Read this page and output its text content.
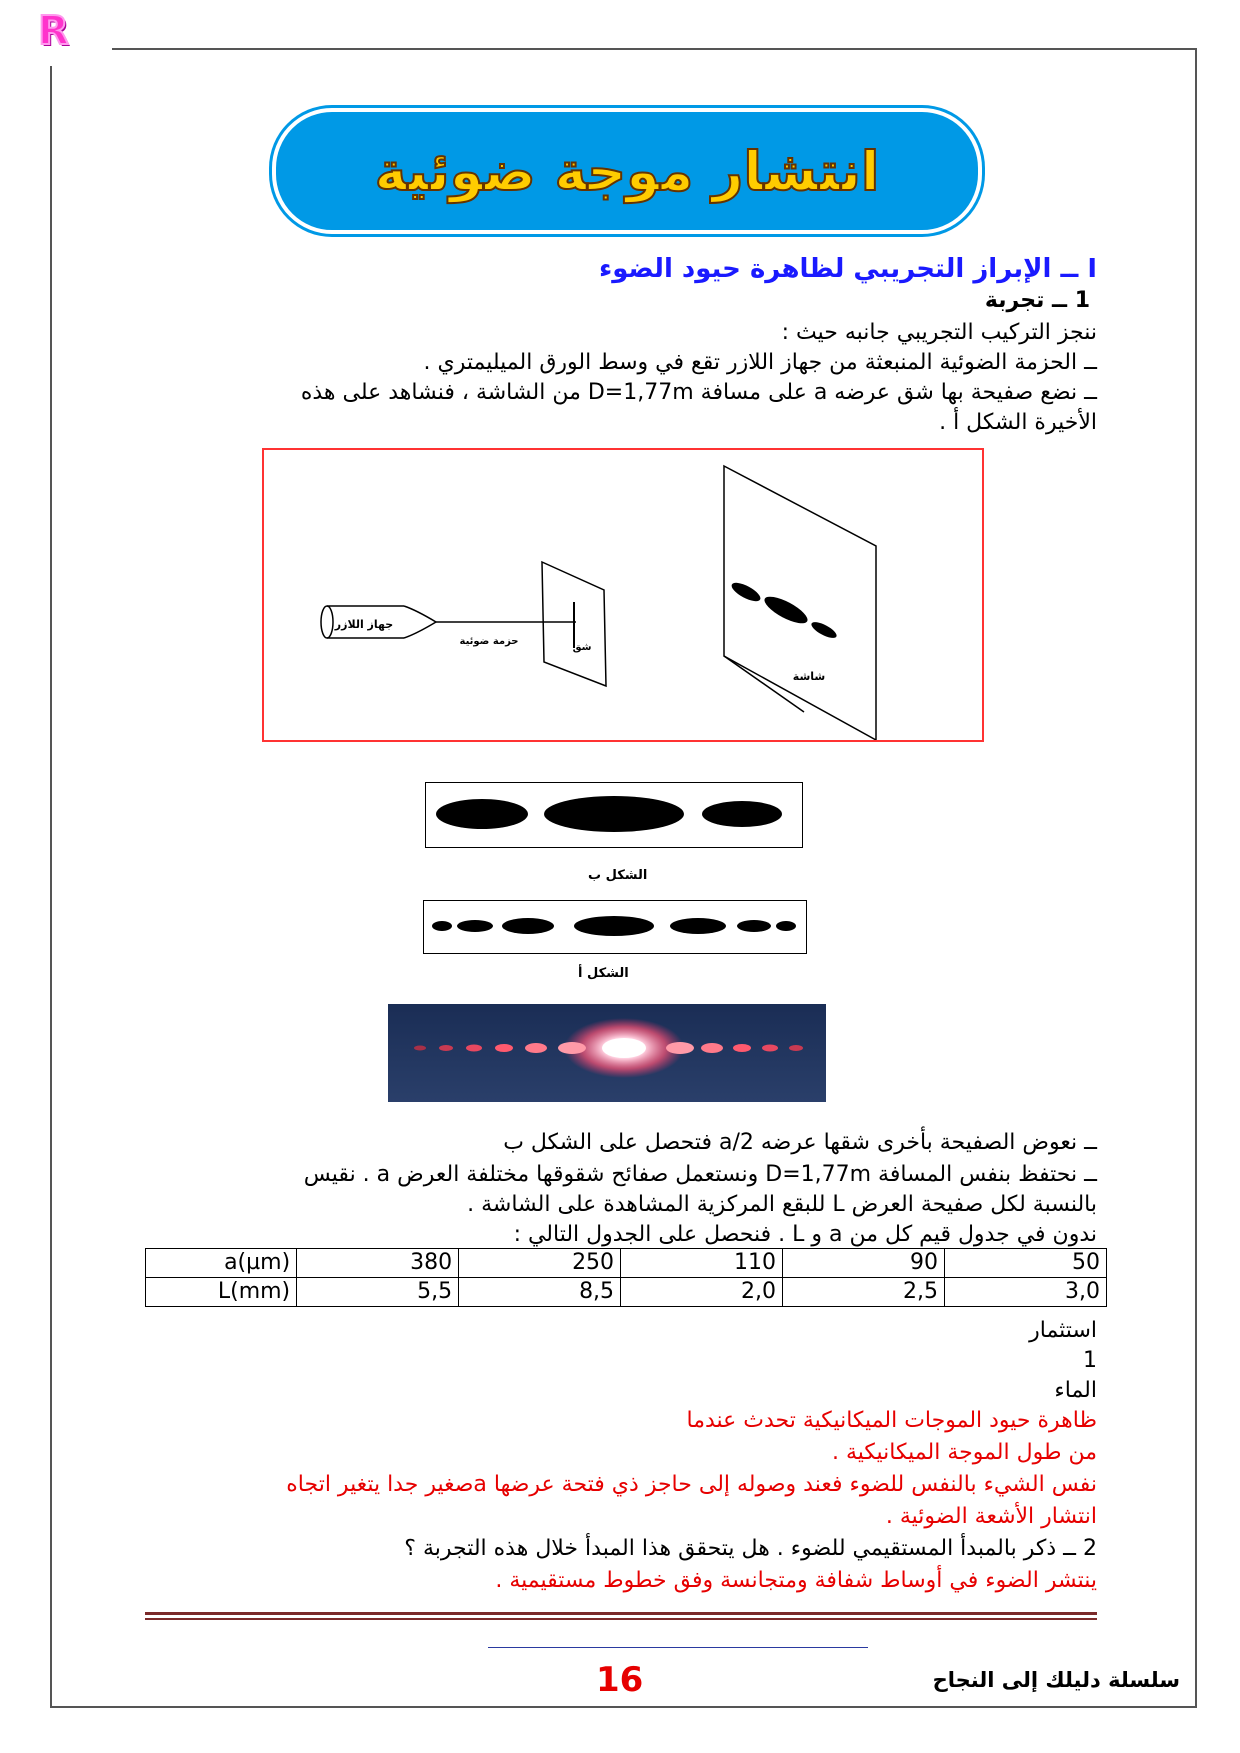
R
انتشار موجة ضوئية
I ــ الإبراز التجريبي لظاهرة حيود الضوء
1 ــ تجربة
ننجز التركيب التجريبي جانبه حيث :
ــ الحزمة الضوئية المنبعثة من جهاز اللازر تقع في وسط الورق الميليمتري .
ــ نضع صفيحة بها شق عرضه a على مسافة D=1,77m من الشاشة ، فنشاهد على هذه
الأخيرة الشكل أ .
جهاز اللازر
حزمة ضوئية
شق
شاشة
الشكل ب
الشكل أ
ــ نعوض الصفيحة بأخرى شقها عرضه a/2 فتحصل على الشكل ب
ــ نحتفظ بنفس المسافة D=1,77m ونستعمل صفائح شقوقها مختلفة العرض a . نقيس
بالنسبة لكل صفيحة العرض L للبقع المركزية المشاهدة على الشاشة .
ندون في جدول قيم كل من a و L . فنحصل على الجدول التالي :
a(µm)	380	250	110	90	50
L(mm)	5,5	8,5	2,0	2,5	3,0
استثمار
1
الماء
ظاهرة حيود الموجات الميكانيكية تحدث عندما
من طول الموجة الميكانيكية .
نفس الشيء بالنفس للضوء فعند وصوله إلى حاجز ذي فتحة عرضها aصغير جدا يتغير اتجاه
انتشار الأشعة الضوئية .
2 ــ ذكر بالمبدأ المستقيمي للضوء . هل يتحقق هذا المبدأ خلال هذه التجربة ؟
ينتشر الضوء في أوساط شفافة ومتجانسة وفق خطوط مستقيمية .
16	سلسلة دليلك إلى النجاح
